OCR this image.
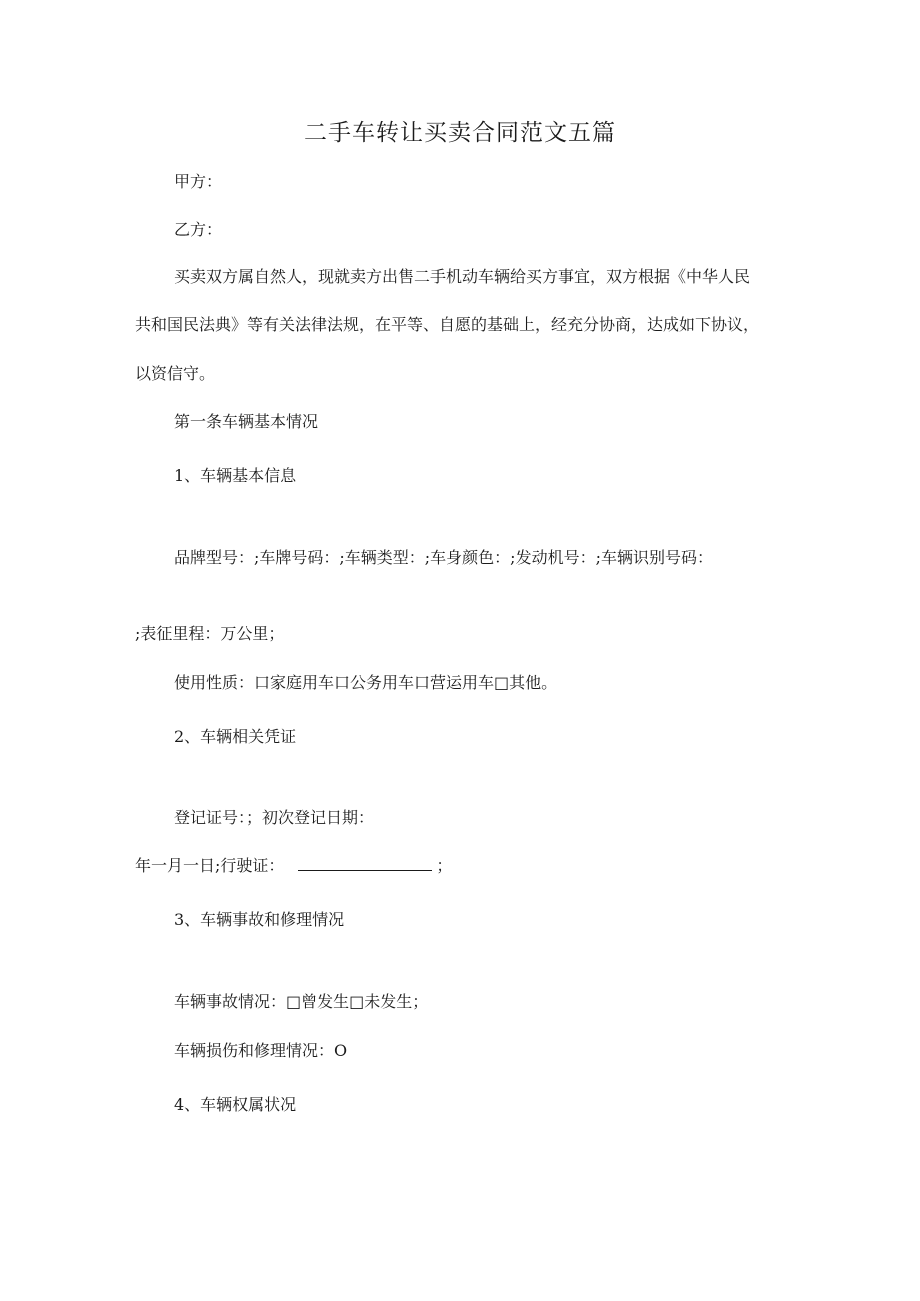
二手车转让买卖合同范文五篇
甲方：
乙方：
买卖双方属自然人，现就卖方出售二手机动车辆给买方事宜，双方根据《中华人民
共和国民法典》等有关法律法规，在平等、自愿的基础上，经充分协商，达成如下协议，
以资信守。
第一条车辆基本情况
1、车辆基本信息
品牌型号：;车牌号码：;车辆类型：;车身颜色：;发动机号：;车辆识别号码：
;表征里程：万公里；
使用性质：口家庭用车口公务用车口营运用车□其他。
2、车辆相关凭证
登记证号：；初次登记日期：
年一月一日;行驶证：	；
3、车辆事故和修理情况
车辆事故情况：□曾发生□未发生；
车辆损伤和修理情况：O
4、车辆权属状况
